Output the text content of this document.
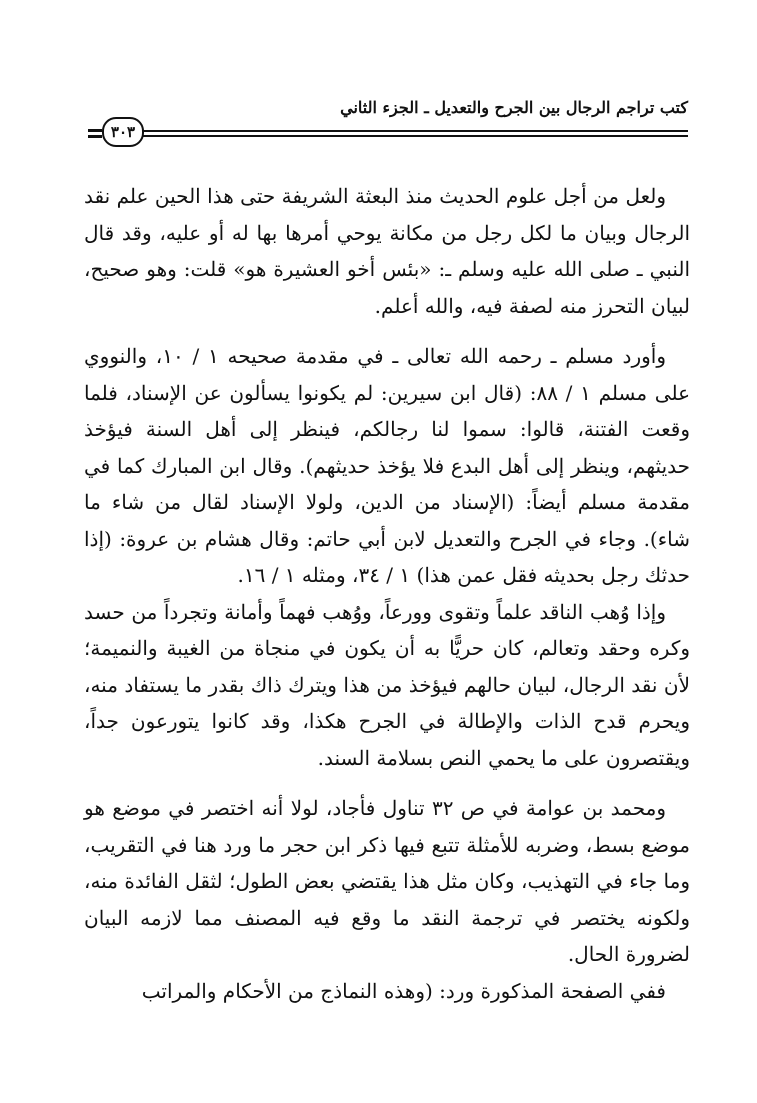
كتب تراجم الرجال بين الجرح والتعديل ـ الجزء الثاني
٣٠٣

ولعل من أجل علوم الحديث منذ البعثة الشريفة حتى هذا الحين علم نقد الرجال وبيان ما لكل رجل من مكانة يوحي أمرها بها له أو عليه، وقد قال النبي ـ صلى الله عليه وسلم ـ: «بئس أخو العشيرة هو» قلت: وهو صحيح، لبيان التحرز منه لصفة فيه، والله أعلم.

وأورد مسلم ـ رحمه الله تعالى ـ في مقدمة صحيحه ١ / ١٠، والنووي على مسلم ١ / ٨٨: (قال ابن سيرين: لم يكونوا يسألون عن الإسناد، فلما وقعت الفتنة، قالوا: سموا لنا رجالكم، فينظر إلى أهل السنة فيؤخذ حديثهم، وينظر إلى أهل البدع فلا يؤخذ حديثهم). وقال ابن المبارك كما في مقدمة مسلم أيضاً: (الإسناد من الدين، ولولا الإسناد لقال من شاء ما شاء). وجاء في الجرح والتعديل لابن أبي حاتم: وقال هشام بن عروة: (إذا حدثك رجل بحديثه فقل عمن هذا) ١ / ٣٤، ومثله ١ / ١٦.

وإذا وُهب الناقد علماً وتقوى وورعاً، ووُهب فهماً وأمانة وتجرداً من حسد وكره وحقد وتعالم، كان حريًّا به أن يكون في منجاة من الغيبة والنميمة؛ لأن نقد الرجال، لبيان حالهم فيؤخذ من هذا ويترك ذاك بقدر ما يستفاد منه، ويحرم قدح الذات والإطالة في الجرح هكذا، وقد كانوا يتورعون جداً، ويقتصرون على ما يحمي النص بسلامة السند.

ومحمد بن عوامة في ص ٣٢ تناول فأجاد، لولا أنه اختصر في موضع هو موضع بسط، وضربه للأمثلة تتبع فيها ذكر ابن حجر ما ورد هنا في التقريب، وما جاء في التهذيب، وكان مثل هذا يقتضي بعض الطول؛ لثقل الفائدة منه، ولكونه يختصر في ترجمة النقد ما وقع فيه المصنف مما لازمه البيان لضرورة الحال.

ففي الصفحة المذكورة ورد: (وهذه النماذج من الأحكام والمراتب
